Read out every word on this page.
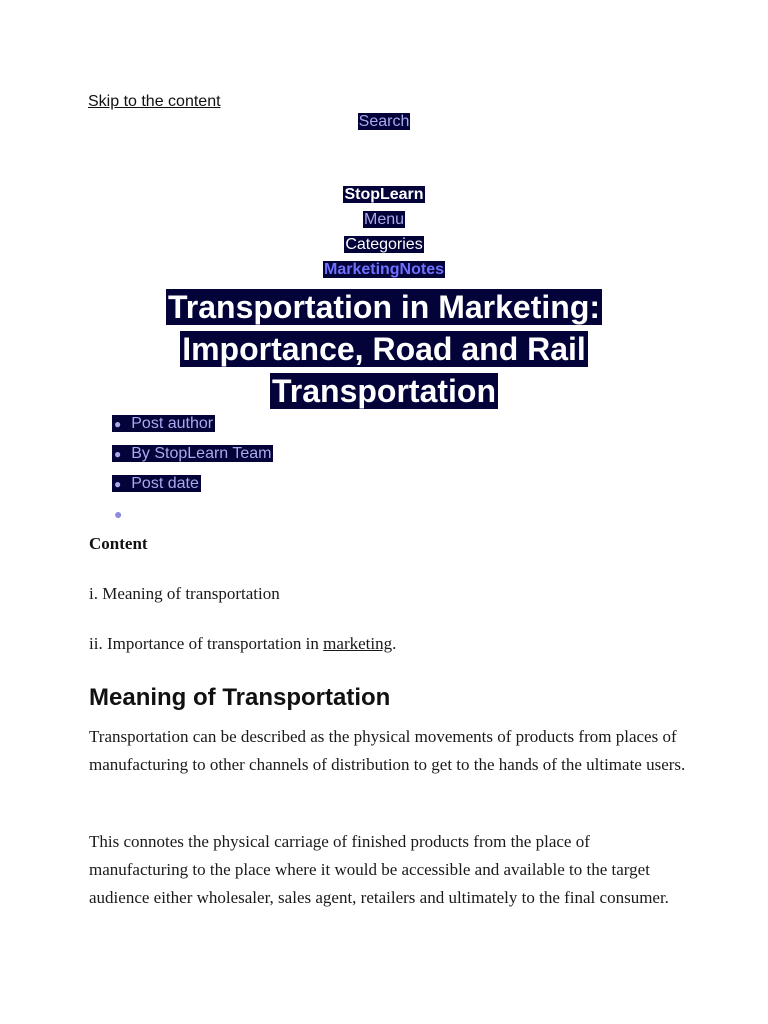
Skip to the content
Search
StopLearn
Menu
Categories
MarketingNotes
Transportation in Marketing:
Importance, Road and Rail
Transportation
● Post author
● By StopLearn Team
● Post date
●
Content
i. Meaning of transportation
ii. Importance of transportation in marketing.
Meaning of Transportation

Transportation can be described as the physical movements of products from places of manufacturing to other channels of distribution to get to the hands of the ultimate users.

This connotes the physical carriage of finished products from the place of manufacturing to the place where it would be accessible and available to the target audience either wholesaler, sales agent, retailers and ultimately to the final consumer.
